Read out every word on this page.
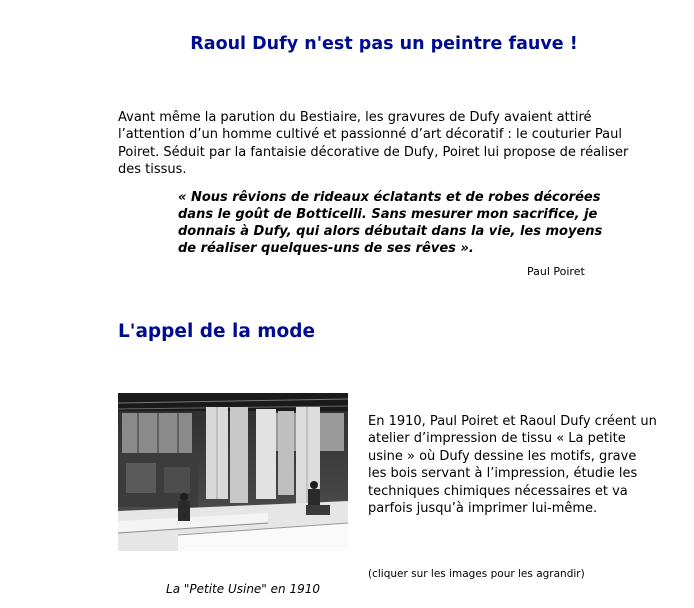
Raoul Dufy n'est pas un peintre fauve !

Avant même la parution du Bestiaire, les gravures de Dufy avaient attiré l’attention d’un homme cultivé et passionné d’art décoratif : le couturier Paul Poiret. Séduit par la fantaisie décorative de Dufy, Poiret lui propose de réaliser des tissus.

« Nous rêvions de rideaux éclatants et de robes décorées dans le goût de Botticelli. Sans mesurer mon sacrifice, je donnais à Dufy, qui alors débutait dans la vie, les moyens de réaliser quelques-uns de ses rêves ».

Paul Poiret

L'appel de la mode

En 1910, Paul Poiret et Raoul Dufy créent un atelier d’impression de tissu « La petite usine » où Dufy dessine les motifs, grave les bois servant à l’impression, étudie les techniques chimiques nécessaires et va parfois jusqu’à imprimer lui-même.

(cliquer sur les images pour les agrandir)

La "Petite Usine" en 1910
